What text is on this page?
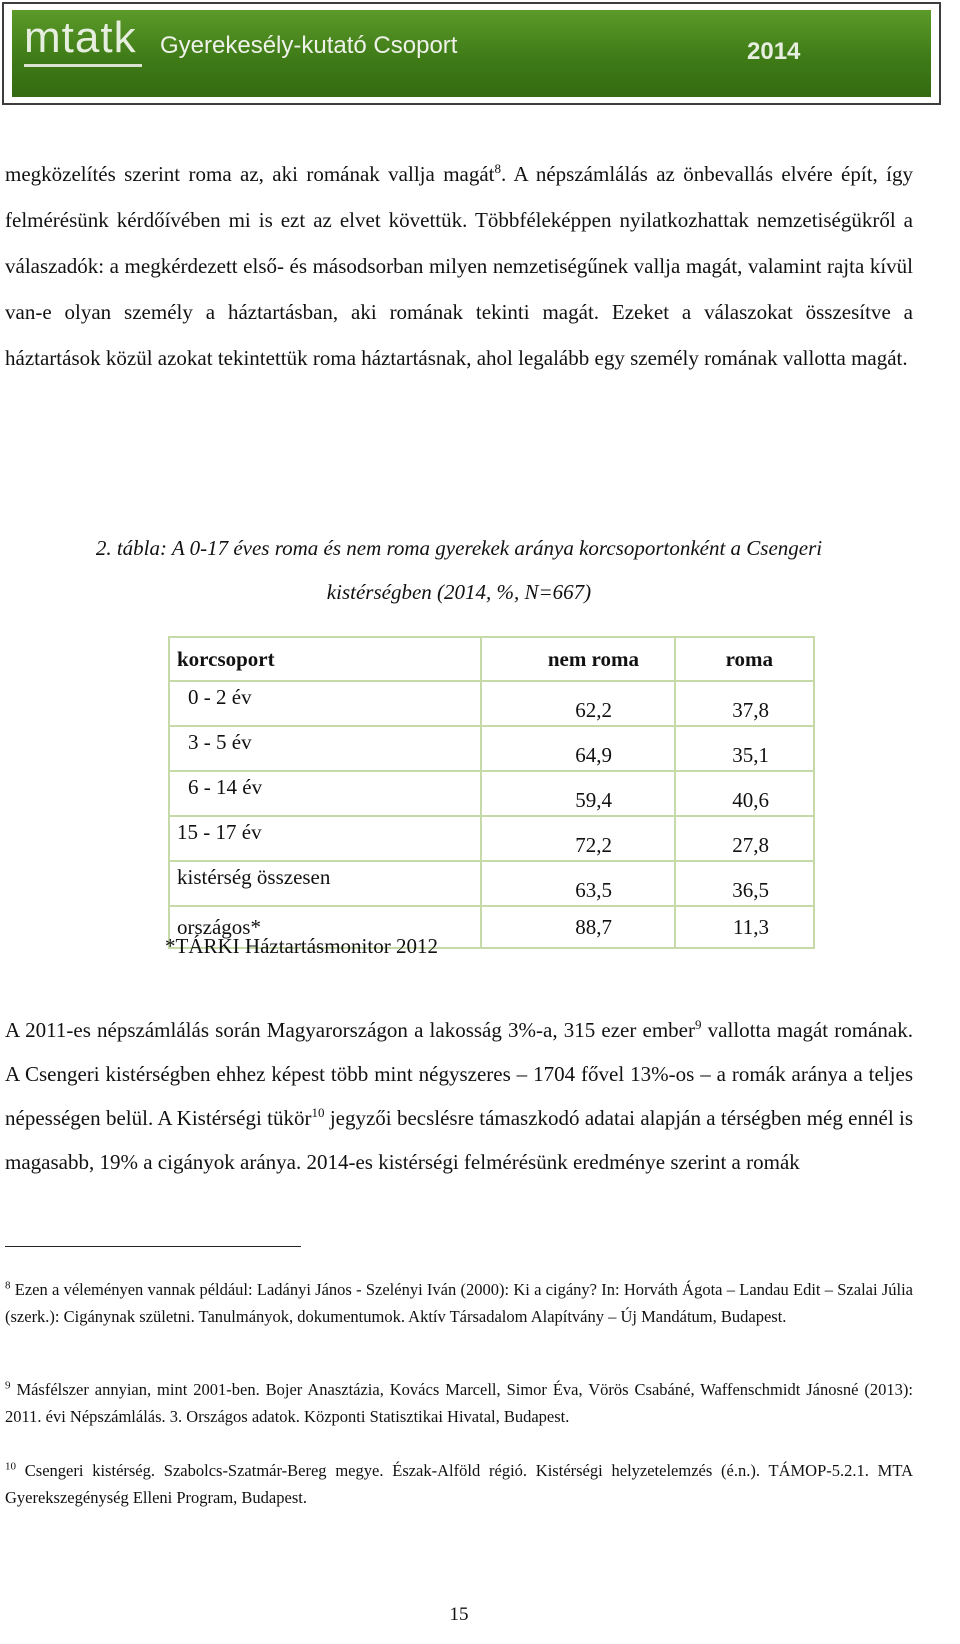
mtatk Gyerekesély-kutató Csoport	2014

megközelítés szerint roma az, aki romának vallja magát$^8$. A népszámlálás az önbevallás elvére épít, így felmérésünk kérdőívében mi is ezt az elvet követtük. Többféleképpen nyilatkozhattak nemzetiségükről a válaszadók: a megkérdezett első- és másodsorban milyen nemzetiségűnek vallja magát, valamint rajta kívül van-e olyan személy a háztartásban, aki romának tekinti magát. Ezeket a válaszokat összesítve a háztartások közül azokat tekintettük roma háztartásnak, ahol legalább egy személy romának vallotta magát.

2. tábla: A 0-17 éves roma és nem roma gyerekek aránya korcsoportonként a Csengeri

kistérségben (2014, %, N=667)

korcsoport	nem roma	roma
0 - 2 év	62,2	37,8
3 - 5 év	64,9	35,1
6 - 14 év	59,4	40,6
15 - 17 év	72,2	27,8
kistérség összesen	63,5	36,5
országos*	88,7	11,3
*TÁRKI Háztartásmonitor 2012

A 2011-es népszámlálás során Magyarországon a lakosság 3%-a, 315 ezer ember$^9$ vallotta magát romának. A Csengeri kistérségben ehhez képest több mint négyszeres – 1704 fővel 13%-os – a romák aránya a teljes népességen belül. A Kistérségi tükör$^{10}$ jegyzői becslésre támaszkodó adatai alapján a térségben még ennél is magasabb, 19% a cigányok aránya. 2014-es kistérségi felmérésünk eredménye szerint a romák

$^8$ Ezen a véleményen vannak például: Ladányi János - Szelényi Iván (2000): Ki a cigány? In: Horváth Ágota – Landau Edit – Szalai Júlia (szerk.): Cigánynak születni. Tanulmányok, dokumentumok. Aktív Társadalom Alapítvány – Új Mandátum, Budapest.

$^9$ Másfélszer annyian, mint 2001-ben. Bojer Anasztázia, Kovács Marcell, Simor Éva, Vörös Csabáné, Waffenschmidt Jánosné (2013): 2011. évi Népszámlálás. 3. Országos adatok. Központi Statisztikai Hivatal, Budapest.

$^{10}$ Csengeri kistérség. Szabolcs-Szatmár-Bereg megye. Észak-Alföld régió. Kistérségi helyzetelemzés (é.n.). TÁMOP-5.2.1. MTA Gyerekszegénység Elleni Program, Budapest.

15
